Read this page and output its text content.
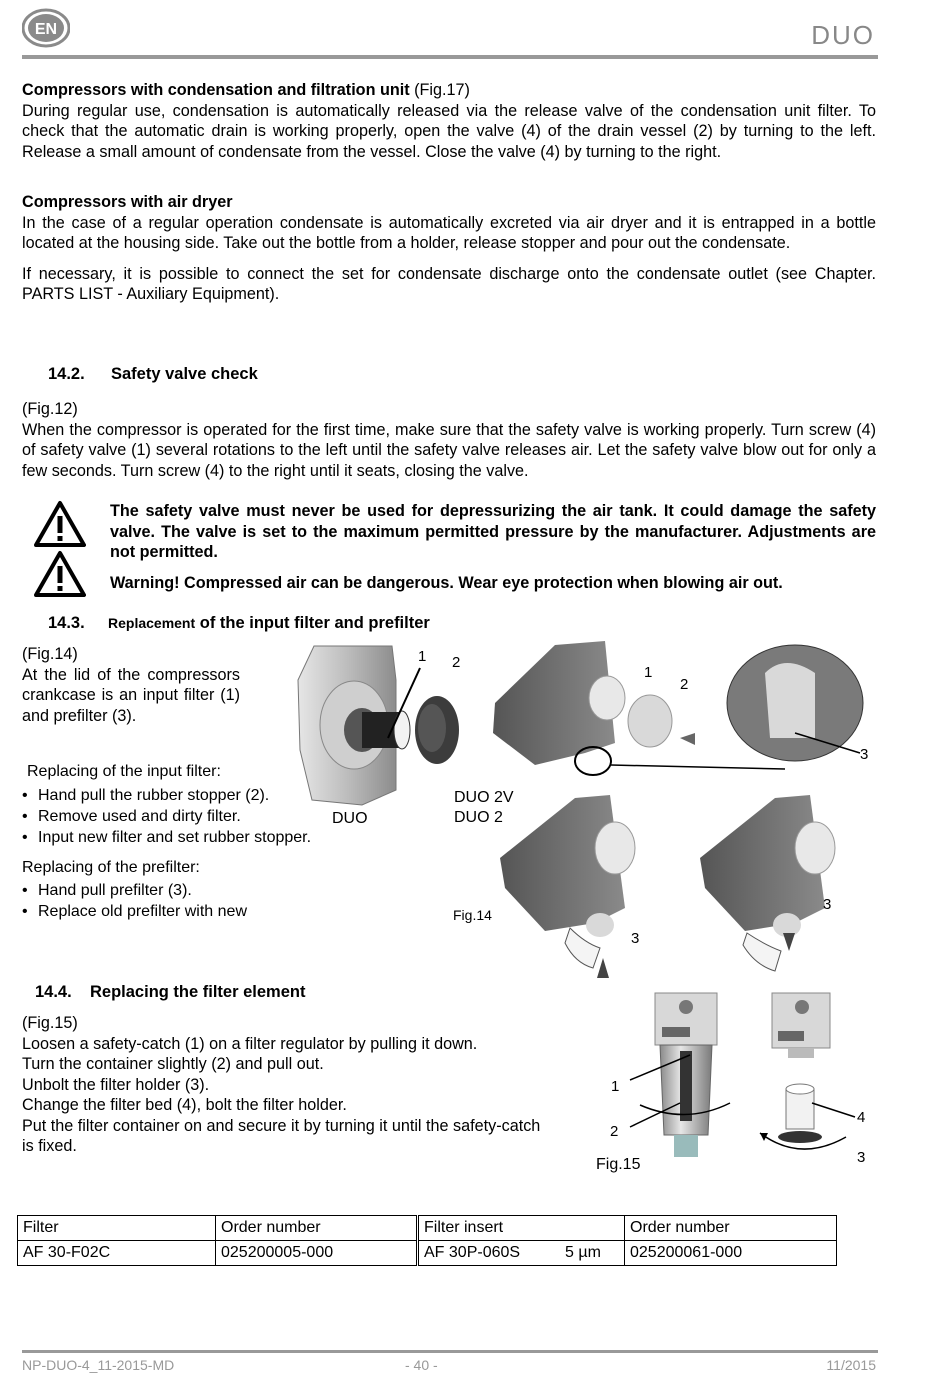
EN	DUO

Compressors with condensation and filtration unit (Fig.17)

During regular use, condensation is automatically released via the release valve of the condensation unit filter. To check that the automatic drain is working properly, open the valve (4) of the drain vessel (2) by turning to the left. Release a small amount of condensate from the vessel. Close the valve (4) by turning to the right.

Compressors with air dryer

In the case of a regular operation condensate is automatically excreted via air dryer and it is entrapped in a bottle located at the housing side. Take out the bottle from a holder, release stopper and pour out the condensate.

If necessary, it is possible to connect the set for condensate discharge onto the condensate outlet (see Chapter. PARTS LIST - Auxiliary Equipment).

14.2. Safety valve check

(Fig.12)

When the compressor is operated for the first time, make sure that the safety valve is working properly. Turn screw (4) of safety valve (1) several rotations to the left until the safety valve releases air. Let the safety valve blow out for only a few seconds. Turn screw (4) to the right until it seats, closing the valve.

The safety valve must never be used for depressurizing the air tank. It could damage the safety valve. The valve is set to the maximum permitted pressure by the manufacturer. Adjustments are not permitted.

Warning! Compressed air can be dangerous. Wear eye protection when blowing air out.

14.3. Replacement of the input filter and prefilter

(Fig.14)

At the lid of the compressors crankcase is an input filter (1) and prefilter (3).

Replacing of the input filter:
• Hand pull the rubber stopper (2).
• Remove used and dirty filter.
• Input new filter and set rubber stopper.
Replacing of the prefilter:
• Hand pull prefilter (3).
• Replace old prefilter with new
1 2
DUO
1
2
3
3
3
DUO 2V
DUO 2
Fig.14
14.4. Replacing the filter element

(Fig.15)

Loosen a safety-catch (1) on a filter regulator by pulling it down.

Turn the container slightly (2) and pull out.

Unbolt the filter holder (3).

Change the filter bed (4), bolt the filter holder.

Put the filter container on and secure it by turning it until the safety-catch is fixed.

1
2
4
3
Fig.15
Filter	Order number	Filter insert	Order number
AF 30-F02C	025200005-000	AF 30P-060S 5 µm	025200061-000
NP-DUO-4_11-2015-MD	- 40 -	11/2015
